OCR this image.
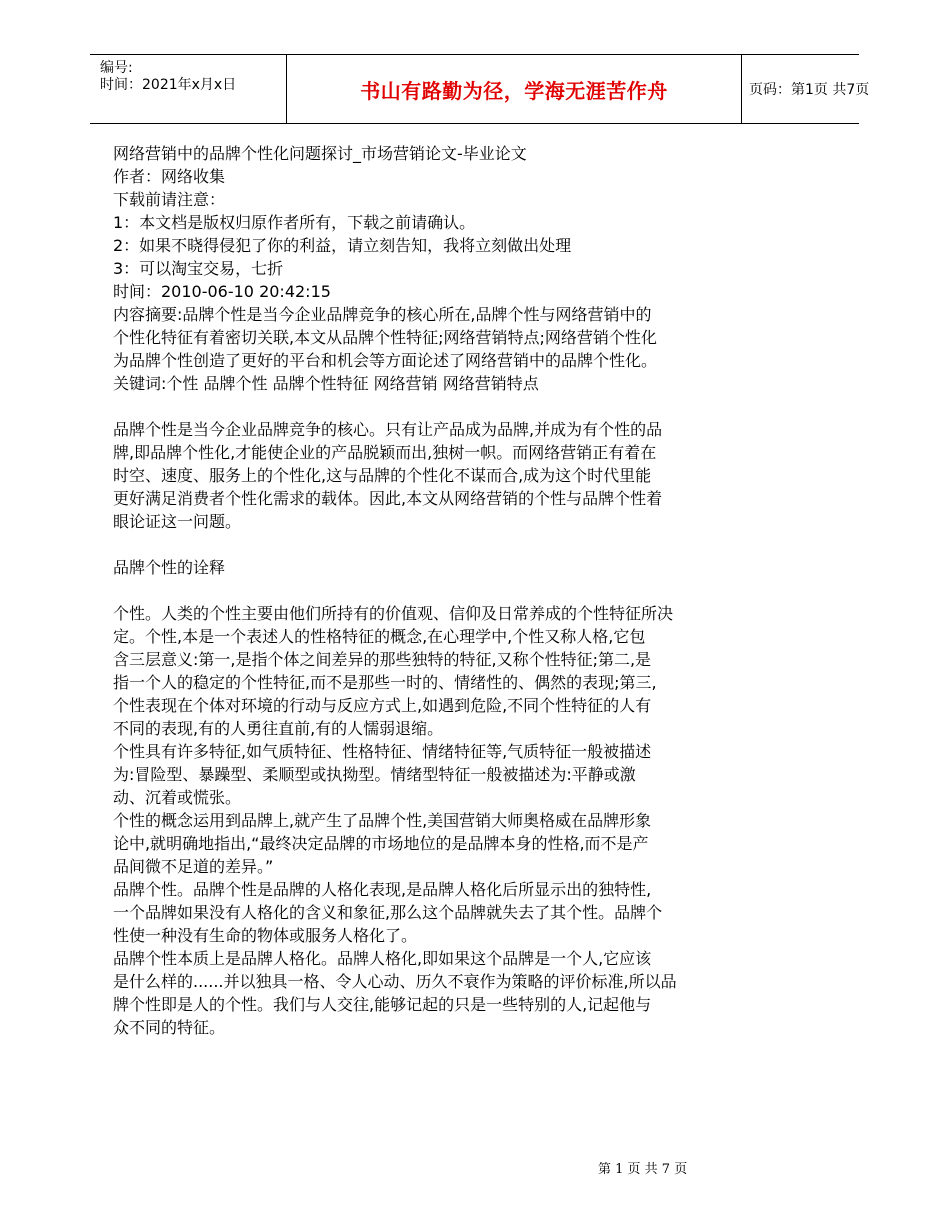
编号:
时间：2021年x月x日	书山有路勤为径，学海无涯苦作舟	页码：第1页 共7页
网络营销中的品牌个性化问题探讨_市场营销论文-毕业论文
作者：网络收集
下载前请注意：
1：本文档是版权归原作者所有，下载之前请确认。
2：如果不晓得侵犯了你的利益，请立刻告知，我将立刻做出处理
3：可以淘宝交易，七折
时间：2010-06-10 20:42:15
内容摘要:品牌个性是当今企业品牌竞争的核心所在,品牌个性与网络营销中的
个性化特征有着密切关联,本文从品牌个性特征;网络营销特点;网络营销个性化
为品牌个性创造了更好的平台和机会等方面论述了网络营销中的品牌个性化。
关键词:个性 品牌个性 品牌个性特征 网络营销 网络营销特点
品牌个性是当今企业品牌竞争的核心。只有让产品成为品牌,并成为有个性的品
牌,即品牌个性化,才能使企业的产品脱颖而出,独树一帜。而网络营销正有着在
时空、速度、服务上的个性化,这与品牌的个性化不谋而合,成为这个时代里能
更好满足消费者个性化需求的载体。因此,本文从网络营销的个性与品牌个性着
眼论证这一问题。
品牌个性的诠释
个性。人类的个性主要由他们所持有的价值观、信仰及日常养成的个性特征所决
定。个性,本是一个表述人的性格特征的概念,在心理学中,个性又称人格,它包
含三层意义:第一,是指个体之间差异的那些独特的特征,又称个性特征;第二,是
指一个人的稳定的个性特征,而不是那些一时的、情绪性的、偶然的表现;第三,
个性表现在个体对环境的行动与反应方式上,如遇到危险,不同个性特征的人有
不同的表现,有的人勇往直前,有的人懦弱退缩。
个性具有许多特征,如气质特征、性格特征、情绪特征等,气质特征一般被描述
为:冒险型、暴躁型、柔顺型或执拗型。情绪型特征一般被描述为:平静或激
动、沉着或慌张。
个性的概念运用到品牌上,就产生了品牌个性,美国营销大师奥格威在品牌形象
论中,就明确地指出,“最终决定品牌的市场地位的是品牌本身的性格,而不是产
品间微不足道的差异。”
品牌个性。品牌个性是品牌的人格化表现,是品牌人格化后所显示出的独特性,
一个品牌如果没有人格化的含义和象征,那么这个品牌就失去了其个性。品牌个
性使一种没有生命的物体或服务人格化了。
品牌个性本质上是品牌人格化。品牌人格化,即如果这个品牌是一个人,它应该
是什么样的......并以独具一格、令人心动、历久不衰作为策略的评价标准,所以品
牌个性即是人的个性。我们与人交往,能够记起的只是一些特别的人,记起他与
众不同的特征。
第 1 页 共 7 页
